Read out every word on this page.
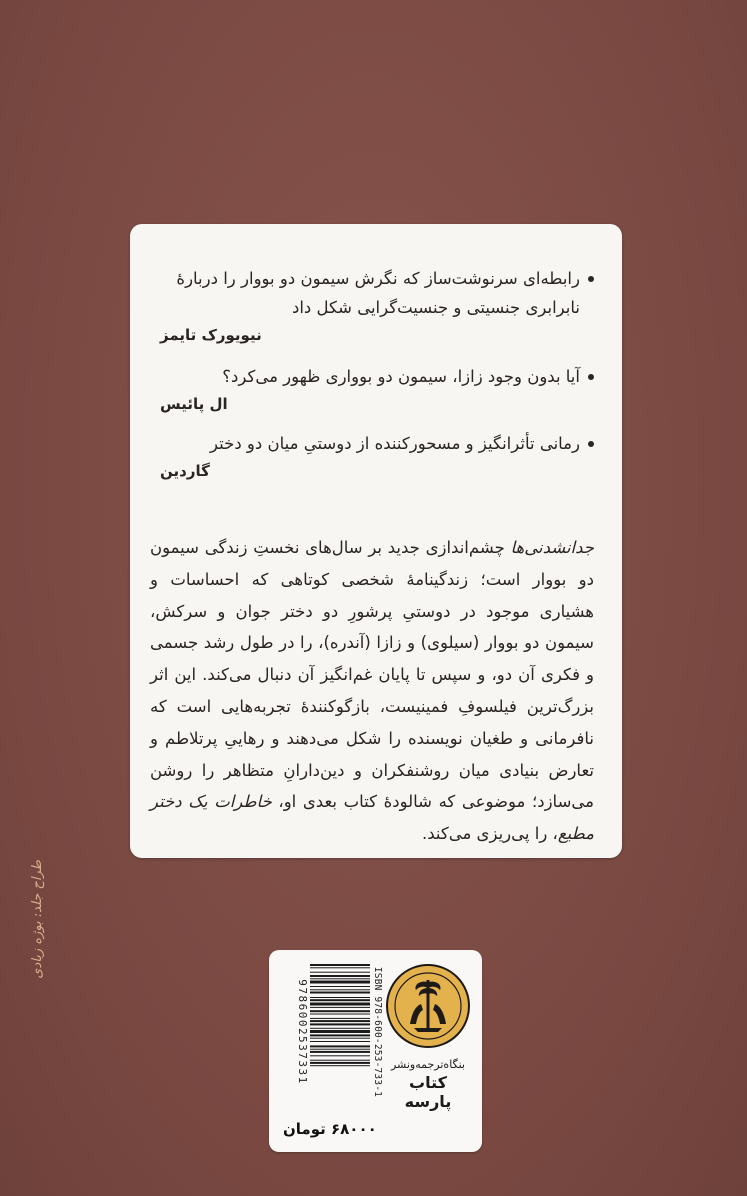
رابطه‌ای سرنوشت‌ساز که نگرش سیمون دو بووار را دربارۀ نابرابری جنسیتی و جنسیت‌گرایی شکل داد
نیویورک تایمز
آیا بدون وجود زازا، سیمون دو بوواری ظهور می‌کرد؟
ال پائیس
رمانی تأثرانگیز و مسحورکننده از دوستیِ میان دو دختر
گاردین
جدانشدنی‌ها چشم‌اندازی جدید بر سال‌های نخستِ زندگی سیمون دو بووار است؛ زندگینامۀ شخصی کوتاهی که احساسات و هشیاری موجود در دوستیِ پرشورِ دو دختر جوان و سرکش، سیمون دو بووار (سیلوی) و زازا (آندره)، را در طول رشد جسمی و فکری آن دو، و سپس تا پایان غم‌انگیز آن دنبال می‌کند. این اثر بزرگ‌ترین فیلسوفِ فمینیست، بازگوکنندۀ تجربه‌هایی است که نافرمانی و طغیان نویسنده را شکل می‌دهند و رهاییِ پرتلاطم و تعارض بنیادی میان روشنفکران و دین‌دارانِ متظاهر را روشن می‌سازد؛ موضوعی که شالودۀ کتاب بعدی او، خاطرات یک دختر مطیع، را پی‌ریزی می‌کند.
بنگاه‌ترجمه‌ونشر
کتاب پارسه
ISBN 978-600-253-733-1
9786002537331
۶۸۰۰۰ تومان
طراح جلد: بوژه زیادی
